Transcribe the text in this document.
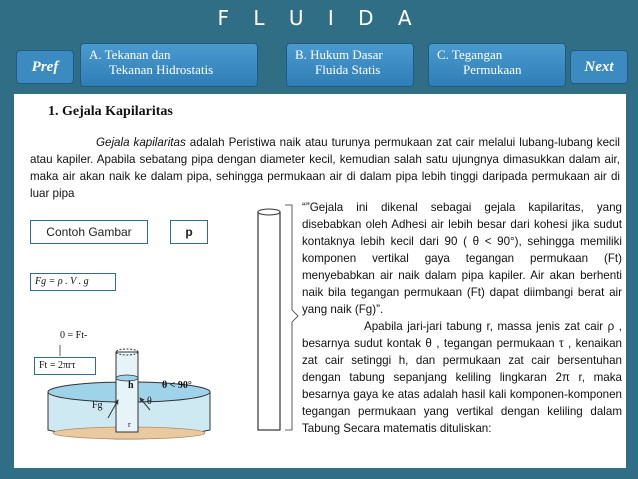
F L U I D A
Pref
A. Tekanan dan
Tekanan Hidrostatis
B. Hukum Dasar
Fluida Statis
C. Tegangan
Permukaan	Next
1. Gejala Kapilaritas
Gejala kapilaritas adalah Peristiwa naik atau turunya permukaan zat cair melalui lubang-lubang kecil atau kapiler. Apabila sebatang pipa dengan diameter kecil, kemudian salah satu ujungnya dimasukkan dalam air, maka air akan naik ke dalam pipa, sehingga permukaan air di dalam pipa lebih tinggi daripada permukaan air di luar pipa
Contoh Gambar	p
Fg = ρ . V . g
0 = Ft-
Ft = 2πrτ
h	θ < 90°
Fg	θ
r
“”Gejala ini dikenal sebagai gejala kapilaritas, yang disebabkan oleh Adhesi air lebih besar dari kohesi jika sudut kontaknya lebih kecil dari 90 ( θ < 90°), sehingga memiliki komponen vertikal gaya tegangan permukaan (Ft) menyebabkan air naik dalam pipa kapiler. Air akan berhenti naik bila tegangan permukaan (Ft) dapat diimbangi berat air yang naik (Fg)”.
Apabila jari-jari tabung r, massa jenis zat cair ρ , besarnya sudut kontak θ , tegangan permukaan τ , kenaikan zat cair setinggi h, dan permukaan zat cair bersentuhan dengan tabung sepanjang keliling lingkaran 2π r, maka besarnya gaya ke atas adalah hasil kali komponen-komponen tegangan permukaan yang vertikal dengan keliling dalam Tabung Secara matematis dituliskan:
